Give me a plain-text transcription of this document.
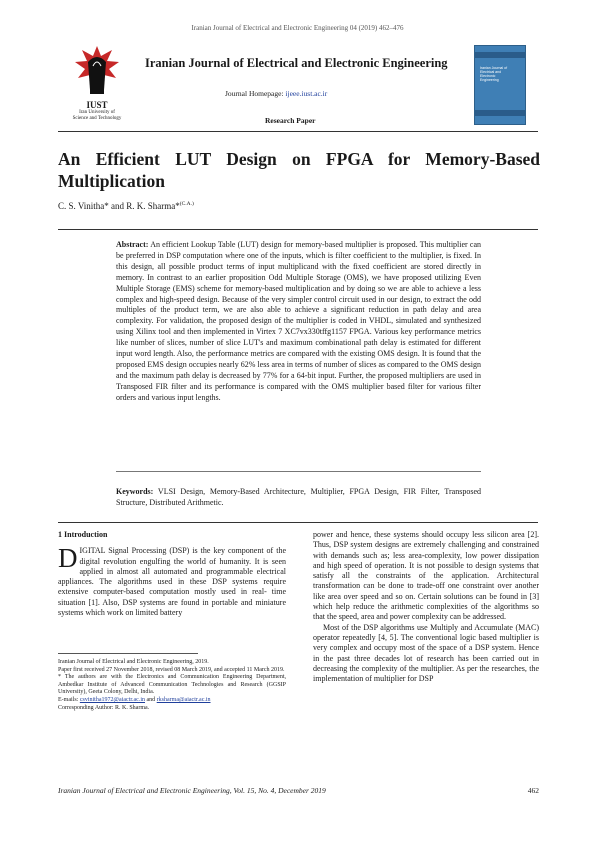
Iranian Journal of Electrical and Electronic Engineering 04 (2019) 462–476
IUST
Iran University of
Science and Technology
Iranian Journal of Electrical and Electronic Engineering
Journal Homepage: ijeee.iust.ac.ir
Research Paper
Iranian Journal of
Electrical and
Electronic
Engineering
An Efficient LUT Design on FPGA for Memory-Based Multiplication
C. S. Vinitha* and R. K. Sharma*$^{(C.A.)}$
Abstract: An efficient Lookup Table (LUT) design for memory-based multiplier is proposed. This multiplier can be preferred in DSP computation where one of the inputs, which is filter coefficient to the multiplier, is fixed. In this design, all possible product terms of input multiplicand with the fixed coefficient are stored directly in memory. In contrast to an earlier proposition Odd Multiple Storage (OMS), we have proposed utilizing Even Multiple Storage (EMS) scheme for memory-based multiplication and by doing so we are able to achieve a less complex and high-speed design. Because of the very simpler control circuit used in our design, to extract the odd multiples of the product term, we are also able to achieve a significant reduction in path delay and area complexity. For validation, the proposed design of the multiplier is coded in VHDL, simulated and synthesized using Xilinx tool and then implemented in Virtex 7 XC7vx330tffg1157 FPGA. Various key performance metrics like number of slices, number of slice LUT's and maximum combinational path delay is estimated for different input word length. Also, the performance metrics are compared with the existing OMS design. It is found that the proposed EMS design occupies nearly 62% less area in terms of number of slices as compared to the OMS design and the maximum path delay is decreased by 77% for a 64-bit input. Further, the proposed multipliers are used in Transposed FIR filter and its performance is compared with the OMS multiplier based filter for various filter orders and various input lengths.
Keywords: VLSI Design, Memory-Based Architecture, Multiplier, FPGA Design, FIR Filter, Transposed Structure, Distributed Arithmetic.
1 Introduction

DIGITAL Signal Processing (DSP) is the key component of the digital revolution engulfing the world of humanity. It is seen applied in almost all automated and programmable electrical appliances. The algorithms used in these DSP systems require extensive computer-based computation mostly used in real- time situation [1]. Also, DSP systems are found in portable and miniature systems which work on limited battery

power and hence, these systems should occupy less silicon area [2]. Thus, DSP system designs are extremely challenging and constrained with demands such as; less area-complexity, low power dissipation and high speed of operation. It is not possible to design systems that satisfy all the constraints of the application. Architectural transformation can be done to trade-off one constraint over another like area over speed and so on. Certain solutions can be found in [3] which help reduce the arithmetic complexities of the algorithms so that the speed, area and power complexity can be addressed.

Most of the DSP algorithms use Multiply and Accumulate (MAC) operator repeatedly [4, 5]. The conventional logic based multiplier is very complex and occupy most of the space of a DSP system. Hence in the past three decades lot of research has been carried out in decreasing the complexity of the multiplier. As per the researches, the implementation of multiplier for DSP

Iranian Journal of Electrical and Electronic Engineering, 2019.
Paper first received 27 November 2018, revised 08 March 2019, and accepted 11 March 2019.
* The authors are with the Electronics and Communication Engineering Department, Ambedkar Institute of Advanced Communication Technologies and Research (GGSIP University), Geeta Colony, Delhi, India.
E-mails: csvinitha1972@aiactr.ac.in and rksharma@aiactr.ac.in
Corresponding Author: R. K. Sharma.
Iranian Journal of Electrical and Electronic Engineering, Vol. 15, No. 4, December 2019	462
